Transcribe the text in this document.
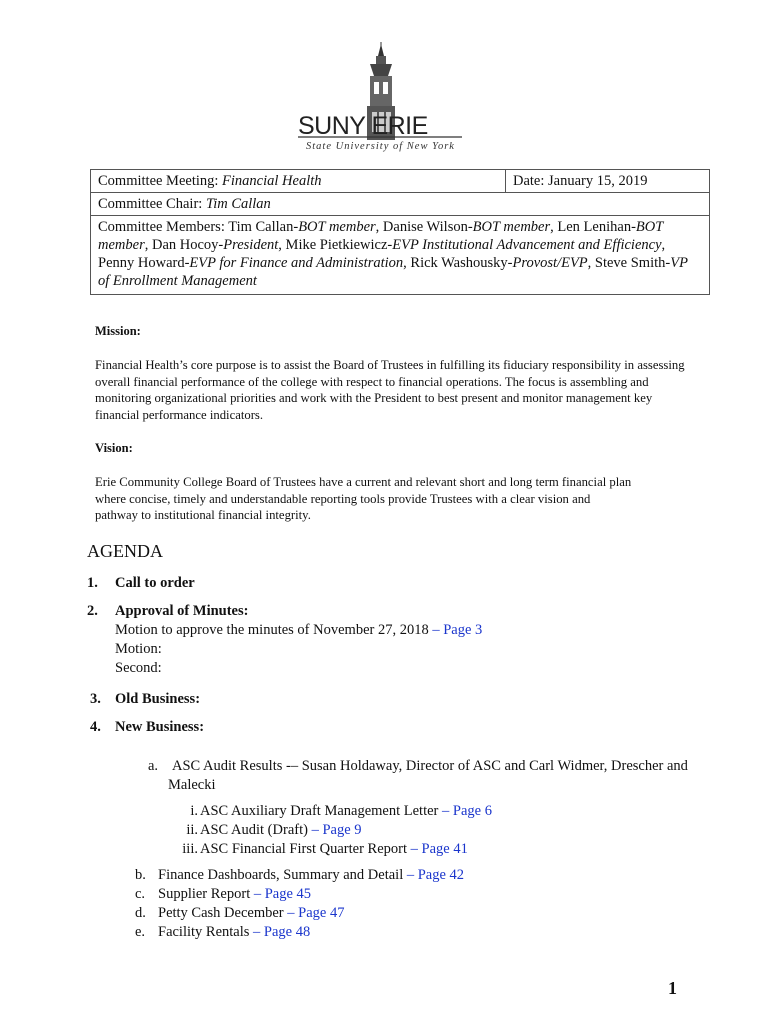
SUNY ERIE
State University of New York
Committee Meeting: Financial Health	Date: January 15, 2019
Committee Chair: Tim Callan
Committee Members: Tim Callan-BOT member, Danise Wilson-BOT member, Len Lenihan-BOT member, Dan Hocoy-President, Mike Pietkiewicz-EVP Institutional Advancement and Efficiency, Penny Howard-EVP for Finance and Administration, Rick Washousky-Provost/EVP, Steve Smith-VP of Enrollment Management
Mission:
Financial Health’s core purpose is to assist the Board of Trustees in fulfilling its fiduciary responsibility in assessing overall financial performance of the college with respect to financial operations. The focus is assembling and monitoring organizational priorities and work with the President to best present and monitor management key financial performance indicators.
Vision:
Erie Community College Board of Trustees have a current and relevant short and long term financial plan where concise, timely and understandable reporting tools provide Trustees with a clear vision and pathway to institutional financial integrity.
AGENDA
1. Call to order
2. Approval of Minutes:
Motion to approve the minutes of November 27, 2018 – Page 3
Motion:
Second:
3. Old Business:
4. New Business:
a. ASC Audit Results -– Susan Holdaway, Director of ASC and Carl Widmer, Drescher and
Malecki
i. ASC Auxiliary Draft Management Letter – Page 6
ii. ASC Audit (Draft) – Page 9
iii. ASC Financial First Quarter Report – Page 41
b. Finance Dashboards, Summary and Detail – Page 42
c. Supplier Report – Page 45
d. Petty Cash December – Page 47
e. Facility Rentals – Page 48
1
